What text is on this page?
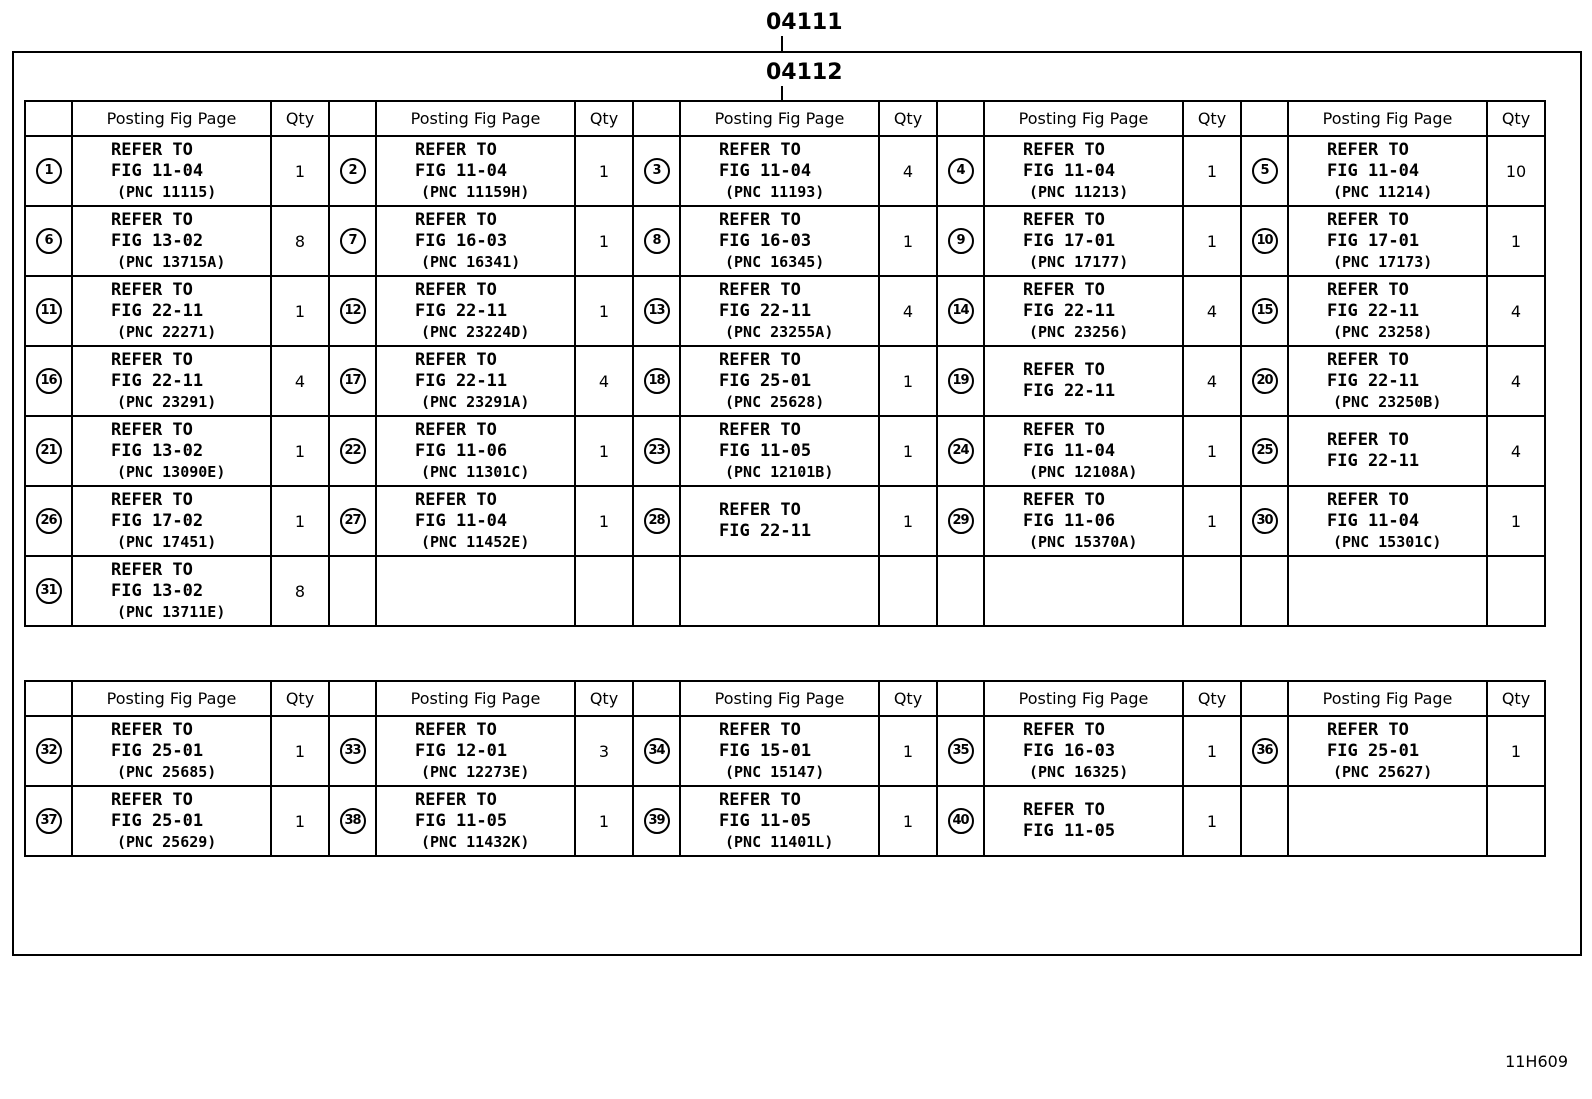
04111
04112
	Posting Fig Page	Qty		Posting Fig Page	Qty		Posting Fig Page	Qty		Posting Fig Page	Qty		Posting Fig Page	Qty
1	REFER TO
FIG 11-04
(PNC 11115)	1	2	REFER TO
FIG 11-04
(PNC 11159H)	1	3	REFER TO
FIG 11-04
(PNC 11193)	4	4	REFER TO
FIG 11-04
(PNC 11213)	1	5	REFER TO
FIG 11-04
(PNC 11214)	10
6	REFER TO
FIG 13-02
(PNC 13715A)	8	7	REFER TO
FIG 16-03
(PNC 16341)	1	8	REFER TO
FIG 16-03
(PNC 16345)	1	9	REFER TO
FIG 17-01
(PNC 17177)	1	10	REFER TO
FIG 17-01
(PNC 17173)	1
11	REFER TO
FIG 22-11
(PNC 22271)	1	12	REFER TO
FIG 22-11
(PNC 23224D)	1	13	REFER TO
FIG 22-11
(PNC 23255A)	4	14	REFER TO
FIG 22-11
(PNC 23256)	4	15	REFER TO
FIG 22-11
(PNC 23258)	4
16	REFER TO
FIG 22-11
(PNC 23291)	4	17	REFER TO
FIG 22-11
(PNC 23291A)	4	18	REFER TO
FIG 25-01
(PNC 25628)	1	19	REFER TO
FIG 22-11	4	20	REFER TO
FIG 22-11
(PNC 23250B)	4
21	REFER TO
FIG 13-02
(PNC 13090E)	1	22	REFER TO
FIG 11-06
(PNC 11301C)	1	23	REFER TO
FIG 11-05
(PNC 12101B)	1	24	REFER TO
FIG 11-04
(PNC 12108A)	1	25	REFER TO
FIG 22-11	4
26	REFER TO
FIG 17-02
(PNC 17451)	1	27	REFER TO
FIG 11-04
(PNC 11452E)	1	28	REFER TO
FIG 22-11	1	29	REFER TO
FIG 11-06
(PNC 15370A)	1	30	REFER TO
FIG 11-04
(PNC 15301C)	1
31	REFER TO
FIG 13-02
(PNC 13711E)	8												
	Posting Fig Page	Qty		Posting Fig Page	Qty		Posting Fig Page	Qty		Posting Fig Page	Qty		Posting Fig Page	Qty
32	REFER TO
FIG 25-01
(PNC 25685)	1	33	REFER TO
FIG 12-01
(PNC 12273E)	3	34	REFER TO
FIG 15-01
(PNC 15147)	1	35	REFER TO
FIG 16-03
(PNC 16325)	1	36	REFER TO
FIG 25-01
(PNC 25627)	1
37	REFER TO
FIG 25-01
(PNC 25629)	1	38	REFER TO
FIG 11-05
(PNC 11432K)	1	39	REFER TO
FIG 11-05
(PNC 11401L)	1	40	REFER TO
FIG 11-05	1			
11H609
